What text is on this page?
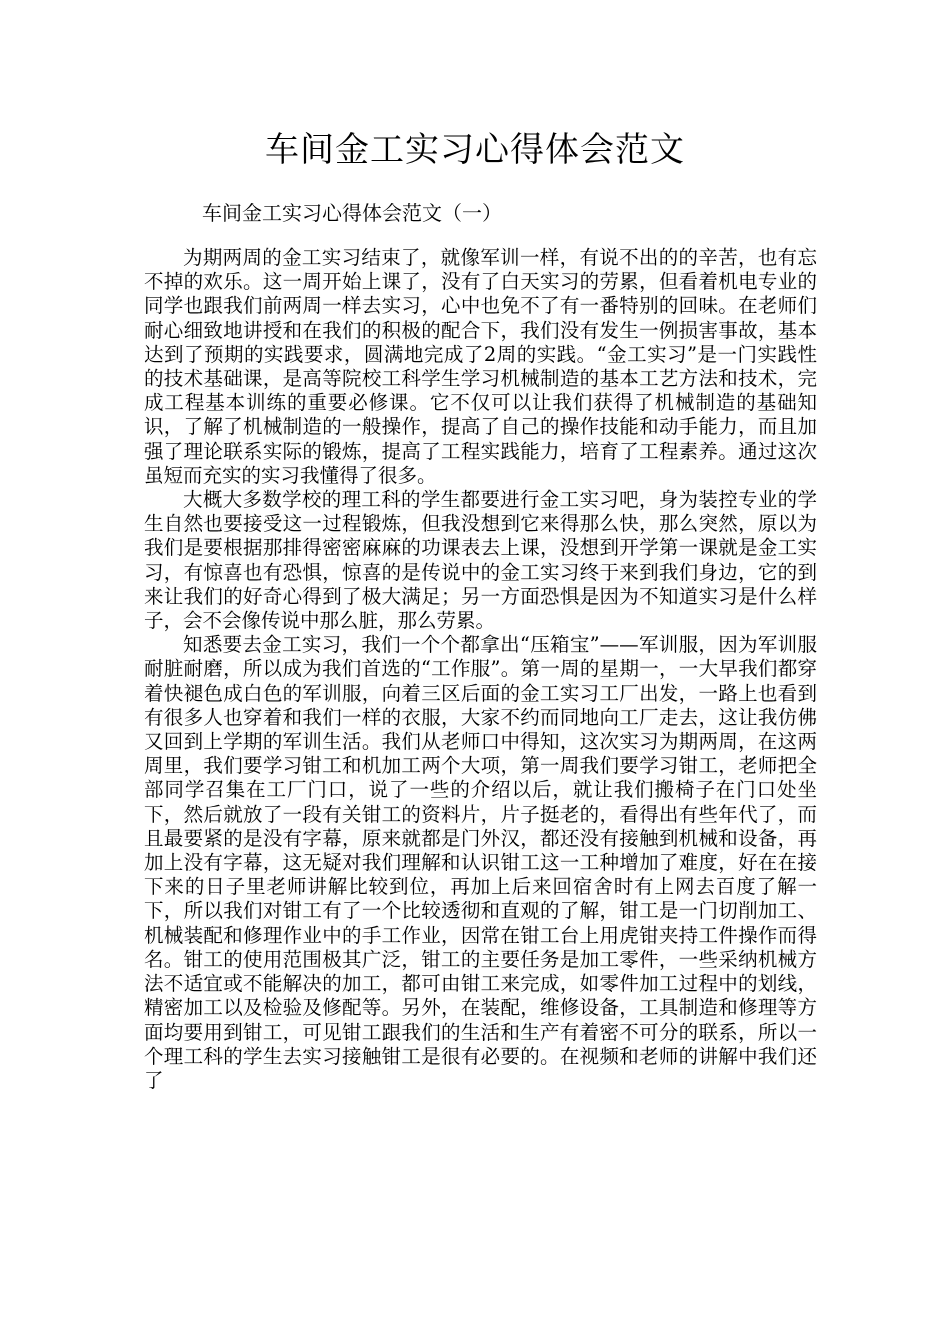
车间金工实习心得体会范文
车间金工实习心得体会范文（一）

为期两周的金工实习结束了，就像军训一样，有说不出的的辛苦，也有忘不掉的欢乐。这一周开始上课了，没有了白天实习的劳累，但看着机电专业的同学也跟我们前两周一样去实习，心中也免不了有一番特别的回味。在老师们耐心细致地讲授和在我们的积极的配合下，我们没有发生一例损害事故，基本达到了预期的实践要求，圆满地完成了2周的实践。“金工实习”是一门实践性的技术基础课，是高等院校工科学生学习机械制造的基本工艺方法和技术，完成工程基本训练的重要必修课。它不仅可以让我们获得了机械制造的基础知识，了解了机械制造的一般操作，提高了自己的操作技能和动手能力，而且加强了理论联系实际的锻炼，提高了工程实践能力，培育了工程素养。通过这次虽短而充实的实习我懂得了很多。

大概大多数学校的理工科的学生都要进行金工实习吧，身为装控专业的学生自然也要接受这一过程锻炼，但我没想到它来得那么快，那么突然，原以为我们是要根据那排得密密麻麻的功课表去上课，没想到开学第一课就是金工实习，有惊喜也有恐惧，惊喜的是传说中的金工实习终于来到我们身边，它的到来让我们的好奇心得到了极大满足；另一方面恐惧是因为不知道实习是什么样子，会不会像传说中那么脏，那么劳累。

知悉要去金工实习，我们一个个都拿出“压箱宝”——军训服，因为军训服耐脏耐磨，所以成为我们首选的“工作服”。第一周的星期一，一大早我们都穿着快褪色成白色的军训服，向着三区后面的金工实习工厂出发，一路上也看到有很多人也穿着和我们一样的衣服，大家不约而同地向工厂走去，这让我仿佛又回到上学期的军训生活。我们从老师口中得知，这次实习为期两周，在这两周里，我们要学习钳工和机加工两个大项，第一周我们要学习钳工，老师把全部同学召集在工厂门口，说了一些的介绍以后，就让我们搬椅子在门口处坐下，然后就放了一段有关钳工的资料片，片子挺老的，看得出有些年代了，而且最要紧的是没有字幕，原来就都是门外汉，都还没有接触到机械和设备，再加上没有字幕，这无疑对我们理解和认识钳工这一工种增加了难度，好在在接下来的日子里老师讲解比较到位，再加上后来回宿舍时有上网去百度了解一下，所以我们对钳工有了一个比较透彻和直观的了解，钳工是一门切削加工、机械装配和修理作业中的手工作业，因常在钳工台上用虎钳夹持工件操作而得名。钳工的使用范围极其广泛，钳工的主要任务是加工零件，一些采纳机械方法不适宜或不能解决的加工，都可由钳工来完成，如零件加工过程中的划线，精密加工以及检验及修配等。另外，在装配，维修设备，工具制造和修理等方面均要用到钳工，可见钳工跟我们的生活和生产有着密不可分的联系，所以一个理工科的学生去实习接触钳工是很有必要的。在视频和老师的讲解中我们还了
